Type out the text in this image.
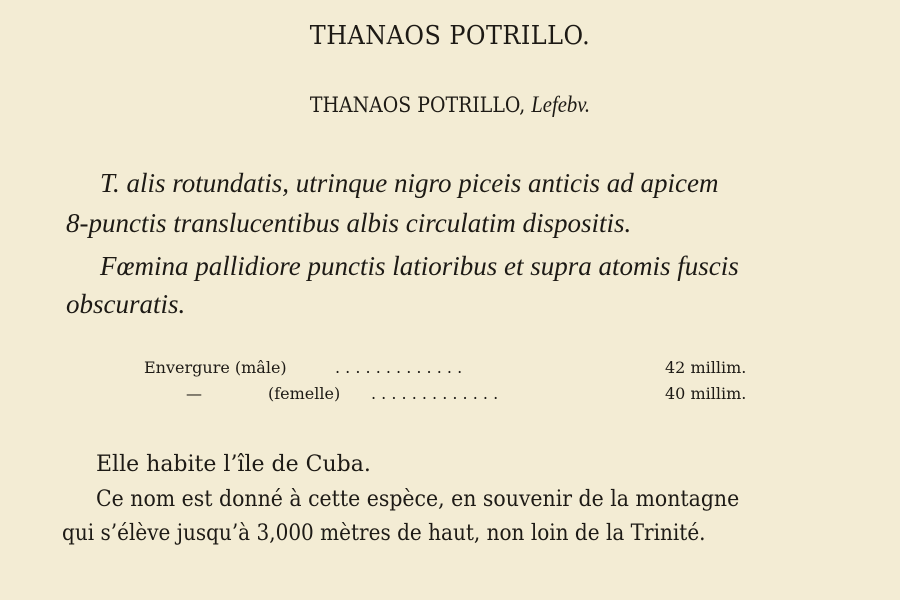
THANAOS POTRILLO.
THANAOS POTRILLO, Lefebv.
T. alis rotundatis, utrinque nigro piceis anticis ad apicem
8-punctis translucentibus albis circulatim dispositis.
Fœmina pallidiore punctis latioribus et supra atomis fuscis
obscuratis.
Envergure (mâle)	. . . . . . . . . . . . .	42 millim.
—	(femelle) . . . . . . . . . . . . .	40 millim.
Elle habite l’île de Cuba.
Ce nom est donné à cette espèce, en souvenir de la montagne
qui s’élève jusqu’à 3,000 mètres de haut, non loin de la Trinité.
